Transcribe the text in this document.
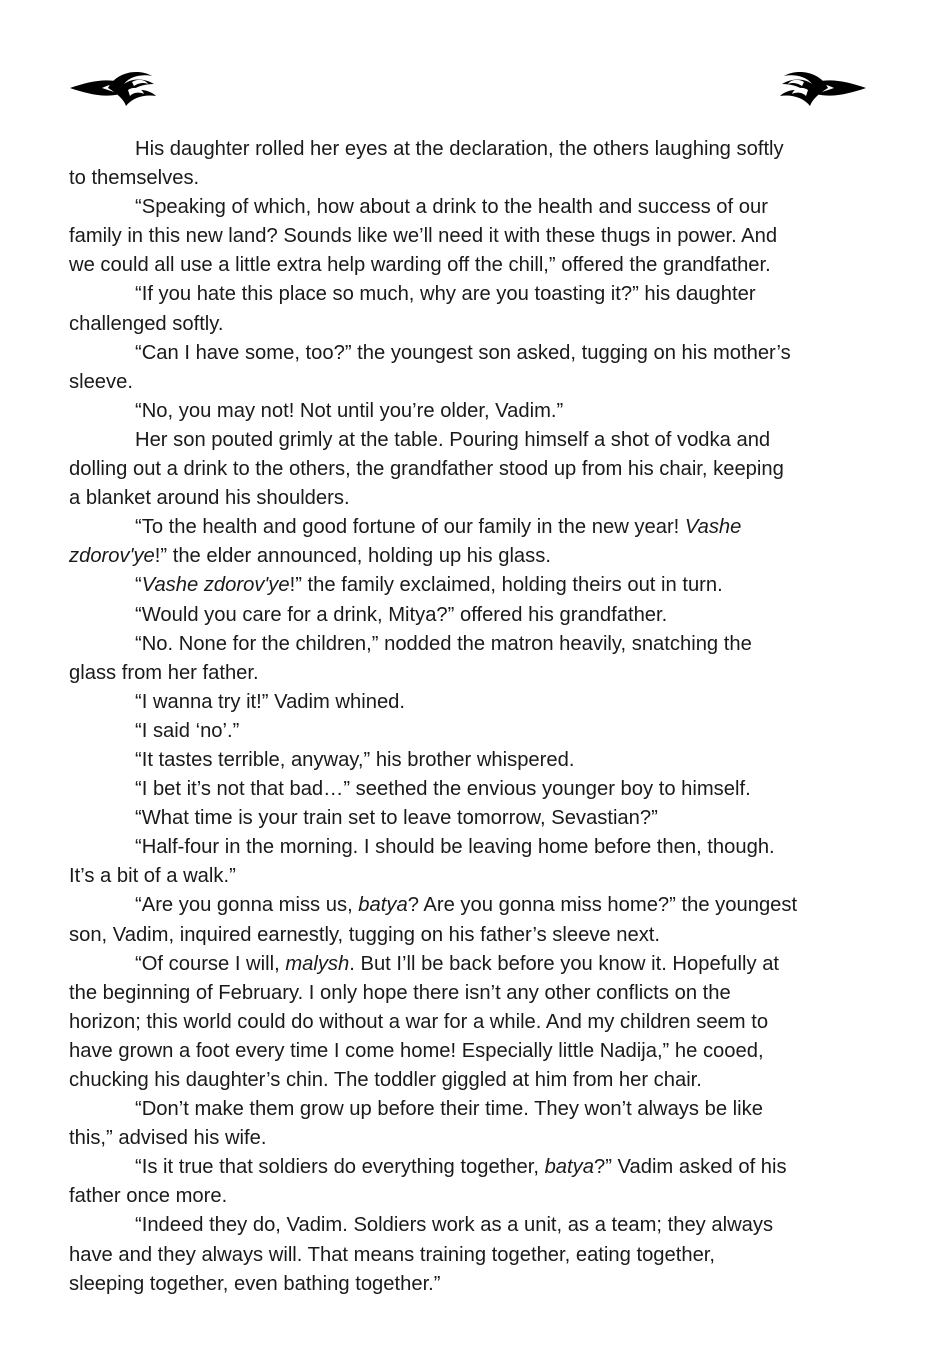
His daughter rolled her eyes at the declaration, the others laughing softly
to themselves.
“Speaking of which, how about a drink to the health and success of our
family in this new land? Sounds like we’ll need it with these thugs in power. And
we could all use a little extra help warding off the chill,” offered the grandfather.
“If you hate this place so much, why are you toasting it?” his daughter
challenged softly.
“Can I have some, too?” the youngest son asked, tugging on his mother’s
sleeve.
“No, you may not! Not until you’re older, Vadim.”
Her son pouted grimly at the table. Pouring himself a shot of vodka and
dolling out a drink to the others, the grandfather stood up from his chair, keeping
a blanket around his shoulders.
“To the health and good fortune of our family in the new year! Vashe
zdorov'ye!” the elder announced, holding up his glass.
“Vashe zdorov'ye!” the family exclaimed, holding theirs out in turn.
“Would you care for a drink, Mitya?” offered his grandfather.
“No. None for the children,” nodded the matron heavily, snatching the
glass from her father.
“I wanna try it!” Vadim whined.
“I said ‘no’.”
“It tastes terrible, anyway,” his brother whispered.
“I bet it’s not that bad…” seethed the envious younger boy to himself.
“What time is your train set to leave tomorrow, Sevastian?”
“Half-four in the morning. I should be leaving home before then, though.
It’s a bit of a walk.”
“Are you gonna miss us, batya? Are you gonna miss home?” the youngest
son, Vadim, inquired earnestly, tugging on his father’s sleeve next.
“Of course I will, malysh. But I’ll be back before you know it. Hopefully at
the beginning of February. I only hope there isn’t any other conflicts on the
horizon; this world could do without a war for a while. And my children seem to
have grown a foot every time I come home! Especially little Nadija,” he cooed,
chucking his daughter’s chin. The toddler giggled at him from her chair.
“Don’t make them grow up before their time. They won’t always be like
this,” advised his wife.
“Is it true that soldiers do everything together, batya?” Vadim asked of his
father once more.
“Indeed they do, Vadim. Soldiers work as a unit, as a team; they always
have and they always will. That means training together, eating together,
sleeping together, even bathing together.”
